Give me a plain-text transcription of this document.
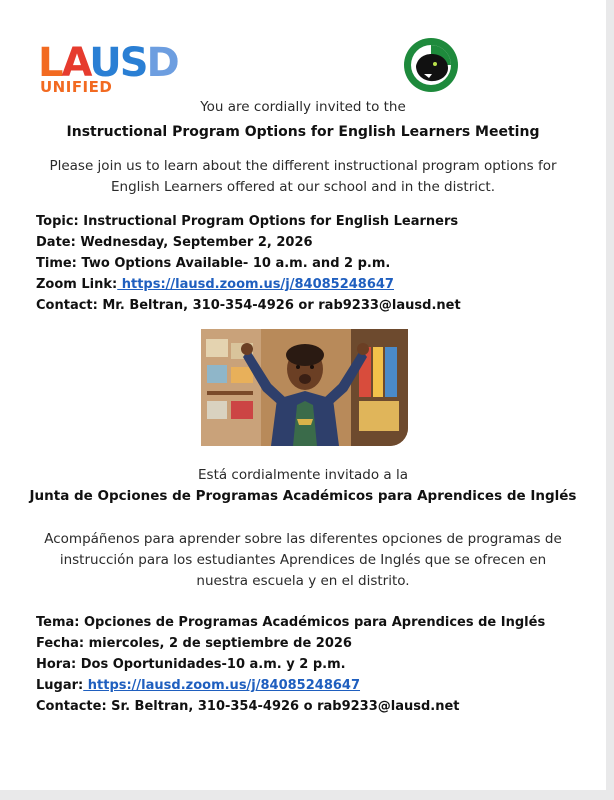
LAUSD
UNIFIED
You are cordially invited to the
Instructional Program Options for English Learners Meeting
Please join us to learn about the different instructional program options for English Learners offered at our school and in the district.
Topic: Instructional Program Options for English Learners
Date: Wednesday, September 2, 2026
Time: Two Options Available- 10 a.m. and 2 p.m.
Zoom Link: https://lausd.zoom.us/j/84085248647
Contact: Mr. Beltran, 310-354-4926 or rab9233@lausd.net
Está cordialmente invitado a la
Junta de Opciones de Programas Académicos para Aprendices de Inglés
Acompáñenos para aprender sobre las diferentes opciones de programas de instrucción para los estudiantes Aprendices de Inglés que se ofrecen en nuestra escuela y en el distrito.
Tema: Opciones de Programas Académicos para Aprendices de Inglés
Fecha: miercoles, 2 de septiembre de 2026
Hora: Dos Oportunidades-10 a.m. y 2 p.m.
Lugar: https://lausd.zoom.us/j/84085248647
Contacte: Sr. Beltran, 310-354-4926 o rab9233@lausd.net
